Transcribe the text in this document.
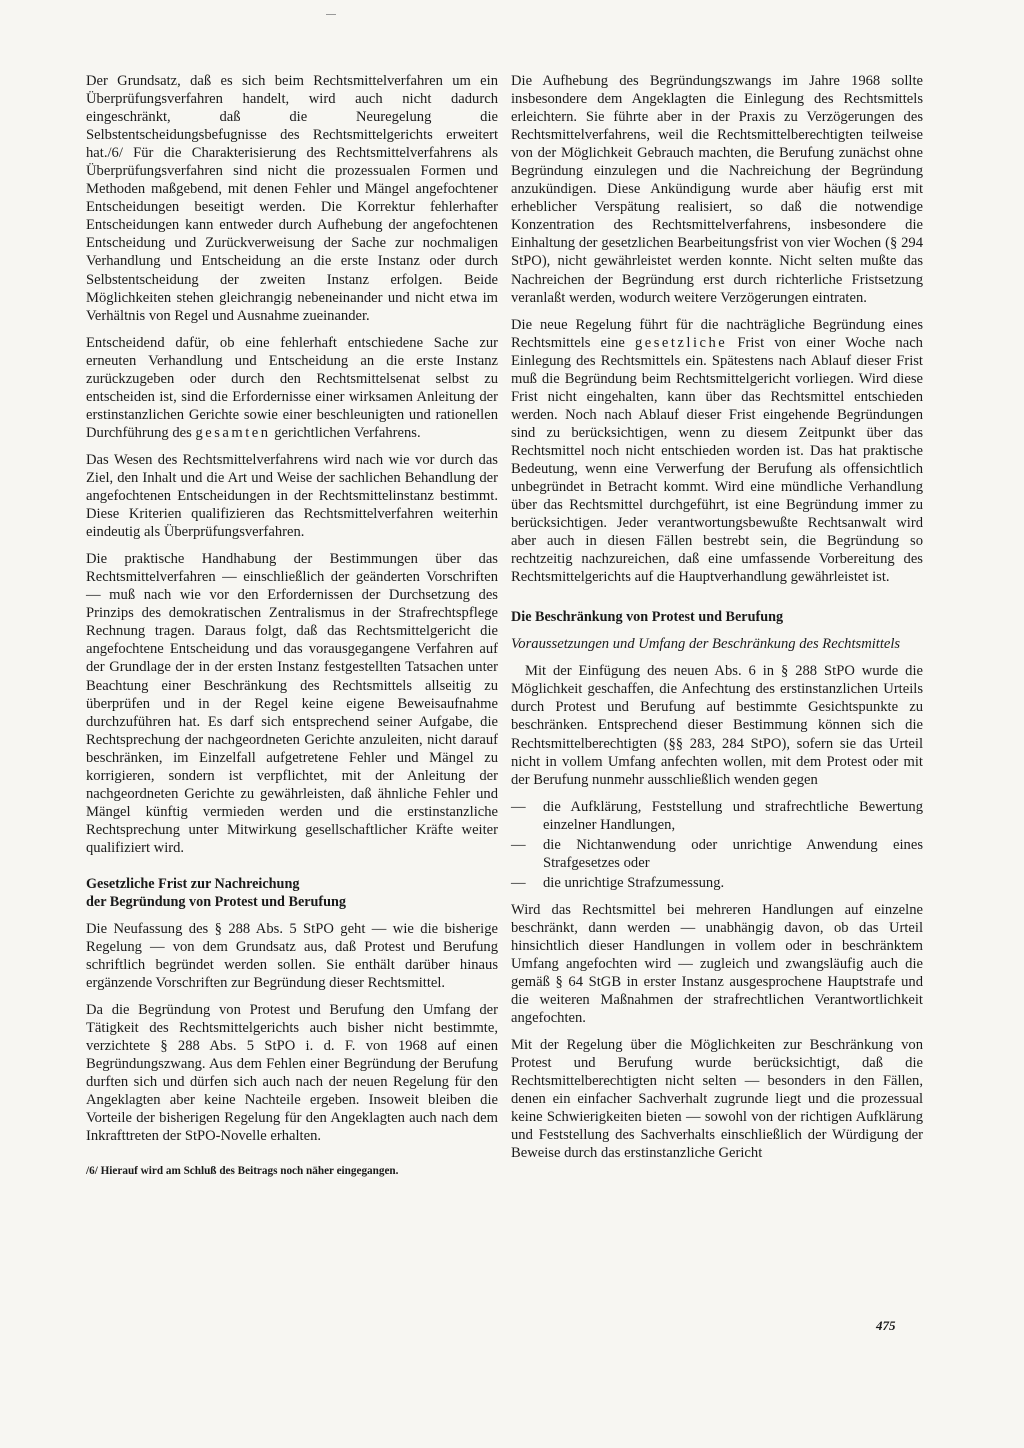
Der Grundsatz, daß es sich beim Rechtsmittelverfahren um ein Überprüfungsverfahren handelt, wird auch nicht dadurch eingeschränkt, daß die Neuregelung die Selbstentscheidungsbefugnisse des Rechtsmittelgerichts erweitert hat./6/ Für die Charakterisierung des Rechtsmittelverfahrens als Überprüfungsverfahren sind nicht die prozessualen Formen und Methoden maßgebend, mit denen Fehler und Mängel angefochtener Entscheidungen beseitigt werden. Die Korrektur fehlerhafter Entscheidungen kann entweder durch Aufhebung der angefochtenen Entscheidung und Zurückverweisung der Sache zur nochmaligen Verhandlung und Entscheidung an die erste Instanz oder durch Selbstentscheidung der zweiten Instanz erfolgen. Beide Möglichkeiten stehen gleichrangig nebeneinander und nicht etwa im Verhältnis von Regel und Ausnahme zueinander.

Entscheidend dafür, ob eine fehlerhaft entschiedene Sache zur erneuten Verhandlung und Entscheidung an die erste Instanz zurückzugeben oder durch den Rechtsmittelsenat selbst zu entscheiden ist, sind die Erfordernisse einer wirksamen Anleitung der erstinstanzlichen Gerichte sowie einer beschleunigten und rationellen Durchführung des gesamten gerichtlichen Verfahrens.

Das Wesen des Rechtsmittelverfahrens wird nach wie vor durch das Ziel, den Inhalt und die Art und Weise der sachlichen Behandlung der angefochtenen Entscheidungen in der Rechtsmittelinstanz bestimmt. Diese Kriterien qualifizieren das Rechtsmittelverfahren weiterhin eindeutig als Überprüfungsverfahren.

Die praktische Handhabung der Bestimmungen über das Rechtsmittelverfahren — einschließlich der geänderten Vorschriften — muß nach wie vor den Erfordernissen der Durchsetzung des Prinzips des demokratischen Zentralismus in der Strafrechtspflege Rechnung tragen. Daraus folgt, daß das Rechtsmittelgericht die angefochtene Entscheidung und das vorausgegangene Verfahren auf der Grundlage der in der ersten Instanz festgestellten Tatsachen unter Beachtung einer Beschränkung des Rechtsmittels allseitig zu überprüfen und in der Regel keine eigene Beweisaufnahme durchzuführen hat. Es darf sich entsprechend seiner Aufgabe, die Rechtsprechung der nachgeordneten Gerichte anzuleiten, nicht darauf beschränken, im Einzelfall aufgetretene Fehler und Mängel zu korrigieren, sondern ist verpflichtet, mit der Anleitung der nachgeordneten Gerichte zu gewährleisten, daß ähnliche Fehler und Mängel künftig vermieden werden und die erstinstanzliche Rechtsprechung unter Mitwirkung gesellschaftlicher Kräfte weiter qualifiziert wird.

Gesetzliche Frist zur Nachreichung
der Begründung von Protest und Berufung

Die Neufassung des § 288 Abs. 5 StPO geht — wie die bisherige Regelung — von dem Grundsatz aus, daß Protest und Berufung schriftlich begründet werden sollen. Sie enthält darüber hinaus ergänzende Vorschriften zur Begründung dieser Rechtsmittel.

Da die Begründung von Protest und Berufung den Umfang der Tätigkeit des Rechtsmittelgerichts auch bisher nicht bestimmte, verzichtete § 288 Abs. 5 StPO i. d. F. von 1968 auf einen Begründungszwang. Aus dem Fehlen einer Begründung der Berufung durften sich und dürfen sich auch nach der neuen Regelung für den Angeklagten aber keine Nachteile ergeben. Insoweit bleiben die Vorteile der bisherigen Regelung für den Angeklagten auch nach dem Inkrafttreten der StPO-Novelle erhalten.

/6/ Hierauf wird am Schluß des Beitrags noch näher eingegangen.

Die Aufhebung des Begründungszwangs im Jahre 1968 sollte insbesondere dem Angeklagten die Einlegung des Rechtsmittels erleichtern. Sie führte aber in der Praxis zu Verzögerungen des Rechtsmittelverfahrens, weil die Rechtsmittelberechtigten teilweise von der Möglichkeit Gebrauch machten, die Berufung zunächst ohne Begründung einzulegen und die Nachreichung der Begründung anzukündigen. Diese Ankündigung wurde aber häufig erst mit erheblicher Verspätung realisiert, so daß die notwendige Konzentration des Rechtsmittelverfahrens, insbesondere die Einhaltung der gesetzlichen Bearbeitungsfrist von vier Wochen (§ 294 StPO), nicht gewährleistet werden konnte. Nicht selten mußte das Nachreichen der Begründung erst durch richterliche Fristsetzung veranlaßt werden, wodurch weitere Verzögerungen eintraten.

Die neue Regelung führt für die nachträgliche Begründung eines Rechtsmittels eine gesetzliche Frist von einer Woche nach Einlegung des Rechtsmittels ein. Spätestens nach Ablauf dieser Frist muß die Begründung beim Rechtsmittelgericht vorliegen. Wird diese Frist nicht eingehalten, kann über das Rechtsmittel entschieden werden. Noch nach Ablauf dieser Frist eingehende Begründungen sind zu berücksichtigen, wenn zu diesem Zeitpunkt über das Rechtsmittel noch nicht entschieden worden ist. Das hat praktische Bedeutung, wenn eine Verwerfung der Berufung als offensichtlich unbegründet in Betracht kommt. Wird eine mündliche Verhandlung über das Rechtsmittel durchgeführt, ist eine Begründung immer zu berücksichtigen. Jeder verantwortungsbewußte Rechtsanwalt wird aber auch in diesen Fällen bestrebt sein, die Begründung so rechtzeitig nachzureichen, daß eine umfassende Vorbereitung des Rechtsmittelgerichts auf die Hauptverhandlung gewährleistet ist.

Die Beschränkung von Protest und Berufung
Voraussetzungen und Umfang der Beschränkung des Rechtsmittels

Mit der Einfügung des neuen Abs. 6 in § 288 StPO wurde die Möglichkeit geschaffen, die Anfechtung des erstinstanzlichen Urteils durch Protest und Berufung auf bestimmte Gesichtspunkte zu beschränken. Entsprechend dieser Bestimmung können sich die Rechtsmittelberechtigten (§§ 283, 284 StPO), sofern sie das Urteil nicht in vollem Umfang anfechten wollen, mit dem Protest oder mit der Berufung nunmehr ausschließlich wenden gegen

— die Aufklärung, Feststellung und strafrechtliche Bewertung einzelner Handlungen,
— die Nichtanwendung oder unrichtige Anwendung eines Strafgesetzes oder
— die unrichtige Strafzumessung.

Wird das Rechtsmittel bei mehreren Handlungen auf einzelne beschränkt, dann werden — unabhängig davon, ob das Urteil hinsichtlich dieser Handlungen in vollem oder in beschränktem Umfang angefochten wird — zugleich und zwangsläufig auch die gemäß § 64 StGB in erster Instanz ausgesprochene Hauptstrafe und die weiteren Maßnahmen der strafrechtlichen Verantwortlichkeit angefochten.

Mit der Regelung über die Möglichkeiten zur Beschränkung von Protest und Berufung wurde berücksichtigt, daß die Rechtsmittelberechtigten nicht selten — besonders in den Fällen, denen ein einfacher Sachverhalt zugrunde liegt und die prozessual keine Schwierigkeiten bieten — sowohl von der richtigen Aufklärung und Feststellung des Sachverhalts einschließlich der Würdigung der Beweise durch das erstinstanzliche Gericht

475
